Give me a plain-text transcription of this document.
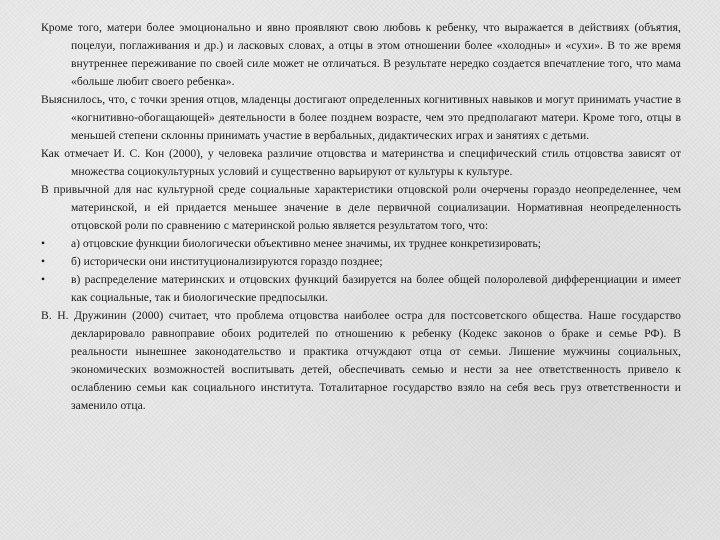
Кроме того, матери более эмоционально и явно проявляют свою любовь к ребенку, что выражается в действиях (объятия, поцелуи, поглаживания и др.) и ласковых словах, а отцы в этом отношении более «холодны» и «сухи». В то же время внутреннее переживание по своей силе может не отличаться. В результате нередко создается впечатление того, что мама «больше любит своего ребенка».

Выяснилось, что, с точки зрения отцов, младенцы достигают определенных когнитивных навыков и могут принимать участие в «когнитивно-обогащающей» деятельности в более позднем возрасте, чем это предполагают матери. Кроме того, отцы в меньшей степени склонны принимать участие в вербальных, дидактических играх и занятиях с детьми.

Как отмечает И. С. Кон (2000), у человека различие отцовства и материнства и специфический стиль отцовства зависят от множества социокультурных условий и существенно варьируют от культуры к культуре.

В привычной для нас культурной среде социальные характеристики отцовской роли очерчены гораздо неопределеннее, чем материнской, и ей придается меньшее значение в деле первичной социализации. Нормативная неопределенность отцовской роли по сравнению с материнской ролью является результатом того, что:

•	а) отцовские функции биологически объективно менее значимы, их труднее конкретизировать;
•	б) исторически они институционализируются гораздо позднее;
•	в) распределение материнских и отцовских функций базируется на более общей полоролевой дифференциации и имеет как социальные, так и биологические предпосылки.

В. Н. Дружинин (2000) считает, что проблема отцовства наиболее остра для постсоветского общества. Наше государство декларировало равноправие обоих родителей по отношению к ребенку (Кодекс законов о браке и семье РФ). В реальности нынешнее законодательство и практика отчуждают отца от семьи. Лишение мужчины социальных, экономических возможностей воспитывать детей, обеспечивать семью и нести за нее ответственность привело к ослаблению семьи как социального института. Тоталитарное государство взяло на себя весь груз ответственности и заменило отца.
